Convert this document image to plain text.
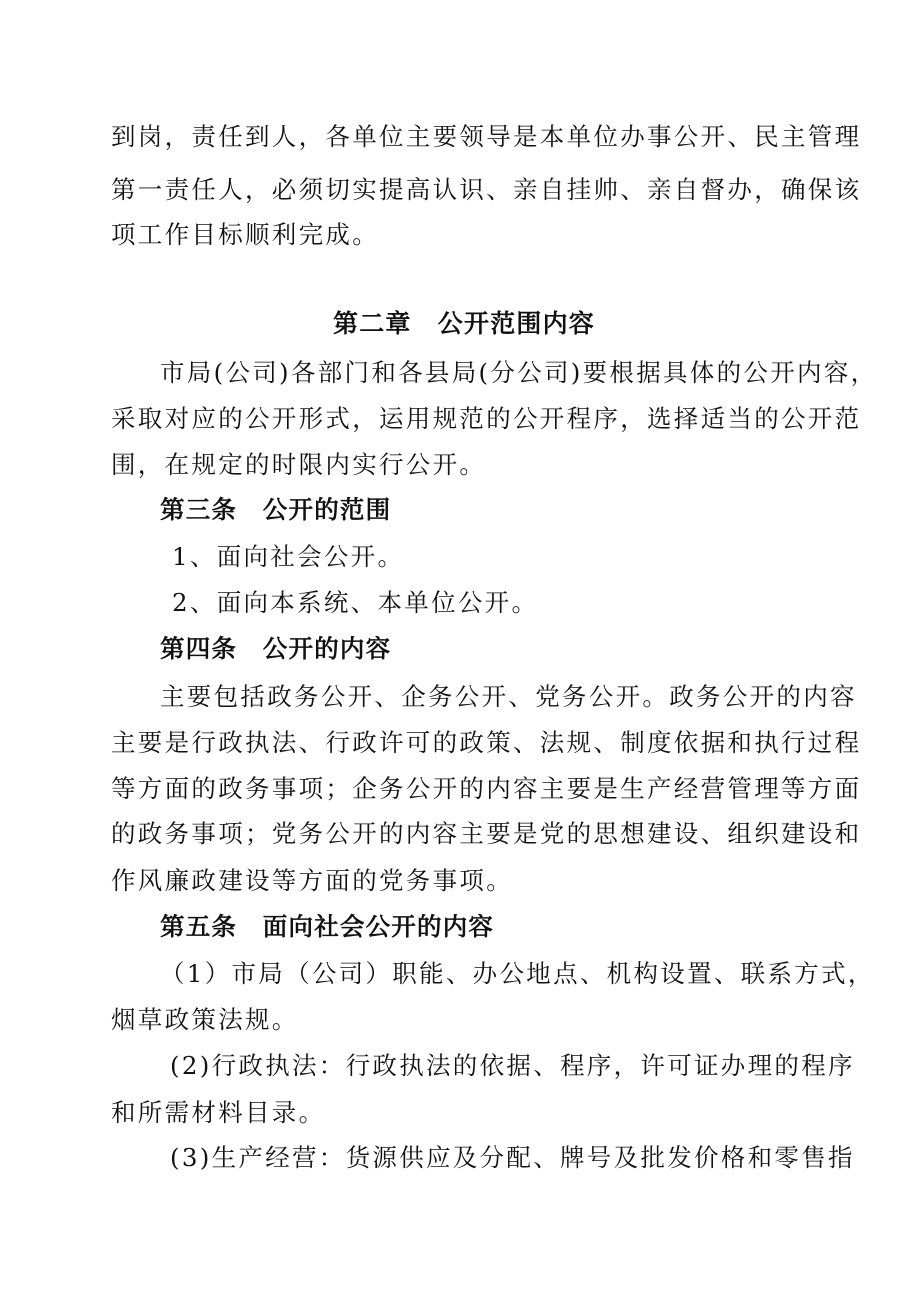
到岗，责任到人，各单位主要领导是本单位办事公开、民主管理
第一责任人，必须切实提高认识、亲自挂帅、亲自督办，确保该
项工作目标顺利完成。
第二章　公开范围内容
市局(公司)各部门和各县局(分公司)要根据具体的公开内容，
采取对应的公开形式，运用规范的公开程序，选择适当的公开范
围，在规定的时限内实行公开。
第三条　公开的范围
1、面向社会公开。
2、面向本系统、本单位公开。
第四条　公开的内容
主要包括政务公开、企务公开、党务公开。政务公开的内容
主要是行政执法、行政许可的政策、法规、制度依据和执行过程
等方面的政务事项；企务公开的内容主要是生产经营管理等方面
的政务事项；党务公开的内容主要是党的思想建设、组织建设和
作风廉政建设等方面的党务事项。
第五条　面向社会公开的内容
（1）市局（公司）职能、办公地点、机构设置、联系方式，
烟草政策法规。
(2)行政执法：行政执法的依据、程序，许可证办理的程序
和所需材料目录。
(3)生产经营：货源供应及分配、牌号及批发价格和零售指
